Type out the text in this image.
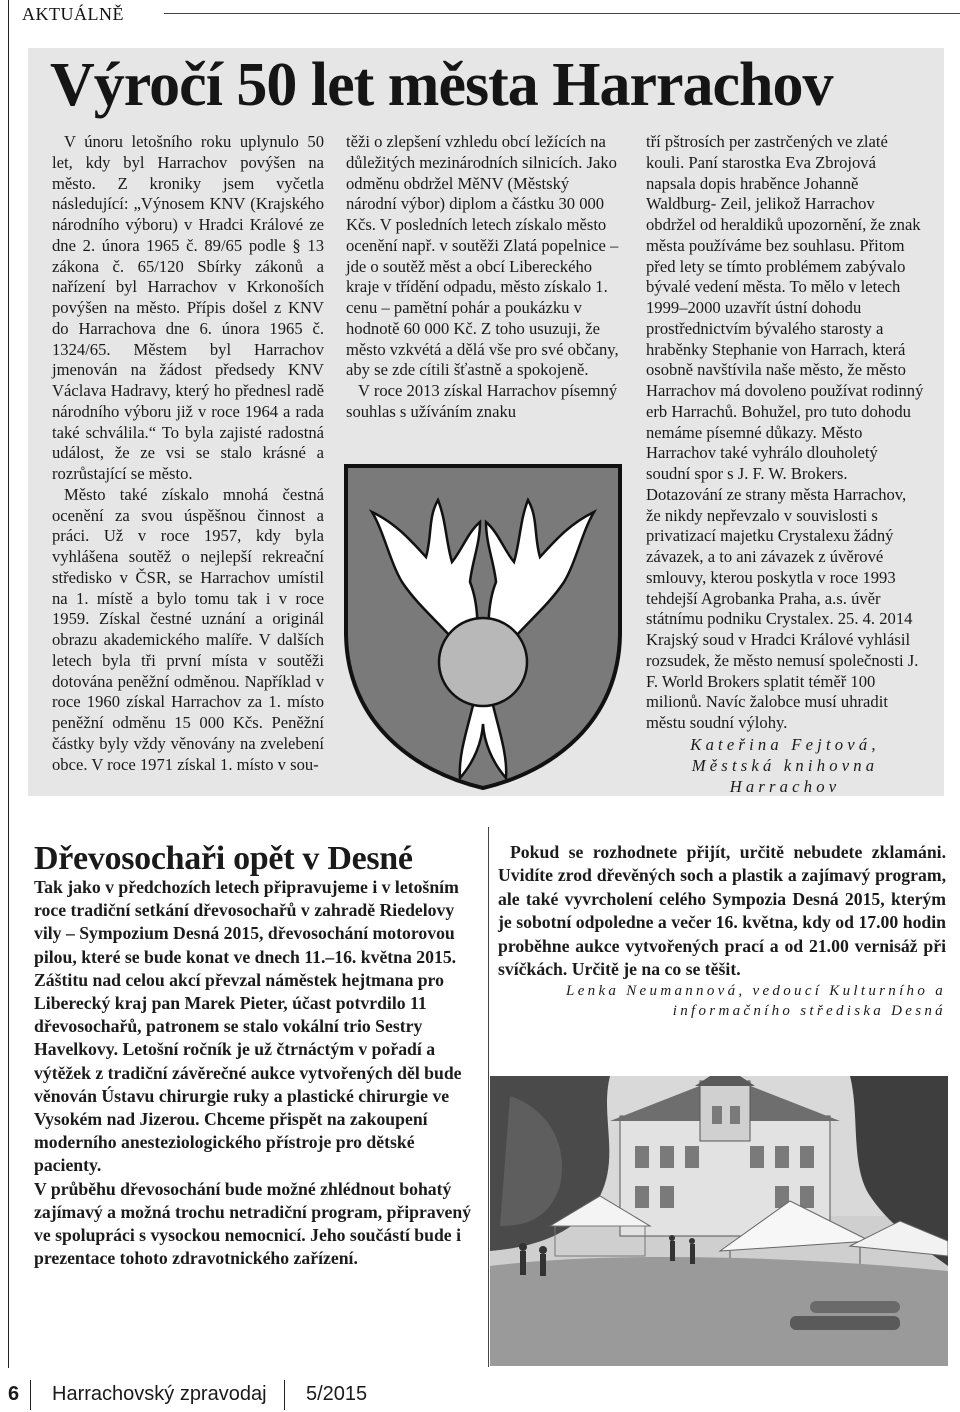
AKTUÁLNĚ
Výročí 50 let města Harrachov

V únoru letošního roku uplynulo 50 let, kdy byl Harrachov povýšen na město. Z kroniky jsem vyčetla následující: „Výnosem KNV (Krajského národního výboru) v Hradci Králové ze dne 2. února 1965 č. 89/65 podle § 13 zákona č. 65/120 Sbírky zákonů a nařízení byl Harrachov v Krkonoších povýšen na město. Přípis došel z KNV do Harrachova dne 6. února 1965 č. 1324/65. Městem byl Harrachov jmenován na žádost předsedy KNV Václava Hadravy, který ho přednesl radě národního výboru již v roce 1964 a rada také schválila.“ To byla zajisté radostná událost, že ze vsi se stalo krásné a rozrůstající se město.

Město také získalo mnohá čestná ocenění za svou úspěšnou činnost a práci. Už v roce 1957, kdy byla vyhlášena soutěž o nejlepší rekreační středisko v ČSR, se Harrachov umístil na 1. místě a bylo tomu tak i v roce 1959. Získal čestné uznání a originál obrazu akademického malíře. V dalších letech byla tři první místa v soutěži dotována peněžní odměnou. Například v roce 1960 získal Harrachov za 1. místo peněžní odměnu 15 000 Kčs. Peněžní částky byly vždy věnovány na zvelebení obce. V roce 1971 získal 1. místo v sou-

těži o zlepšení vzhledu obcí ležících na důležitých mezinárodních silnicích. Jako odměnu obdržel MěNV (Městský národní výbor) diplom a částku 30 000 Kčs. V posledních letech získalo město ocenění např. v soutěži Zlatá popelnice – jde o soutěž měst a obcí Libereckého kraje v třídění odpadu, město získalo 1. cenu – pamětní pohár a poukázku v hodnotě 60 000 Kč. Z toho usuzuji, že město vzkvétá a dělá vše pro své občany, aby se zde cítili šťastně a spokojeně.

V roce 2013 získal Harrachov písemný souhlas s užíváním znaku

tří pštrosích per zastrčených ve zlaté kouli. Paní starostka Eva Zbrojová napsala dopis hraběnce Johanně Waldburg- Zeil, jelikož Harrachov obdržel od heraldiků upozornění, že znak města používáme bez souhlasu. Přitom před lety se tímto problémem zabývalo bývalé vedení města. To mělo v letech 1999–2000 uzavřít ústní dohodu prostřednictvím bývalého starosty a hraběnky Stephanie von Harrach, která osobně navštívila naše město, že město Harrachov má dovoleno používat rodinný erb Harrachů. Bohužel, pro tuto dohodu nemáme písemné důkazy. Město Harrachov také vyhrálo dlouholetý soudní spor s J. F. W. Brokers. Dotazování ze strany města Harrachov, že nikdy nepřevzalo v souvislosti s privatizací majetku Crystalexu žádný závazek, a to ani závazek z úvěrové smlouvy, kterou poskytla v roce 1993 tehdejší Agrobanka Praha, a.s. úvěr státnímu podniku Crystalex. 25. 4. 2014 Krajský soud v Hradci Králové vyhlásil rozsudek, že město nemusí společnosti J. F. World Brokers splatit téměř 100 milionů. Navíc žalobce musí uhradit městu soudní výlohy.

Kateřina Fejtová, Městská knihovna Harrachov

Dřevosochaři opět v Desné

Tak jako v předchozích letech připravujeme i v letošním roce tradiční setkání dřevosochařů v zahradě Riedelovy vily – Sympozium Desná 2015, dřevosochání motorovou pilou, které se bude konat ve dnech 11.–16. května 2015. Záštitu nad celou akcí převzal náměstek hejtmana pro Liberecký kraj pan Marek Pieter, účast potvrdilo 11 dřevosochařů, patronem se stalo vokální trio Sestry Havelkovy. Letošní ročník je už čtrnáctým v pořadí a výtěžek z tradiční závěrečné aukce vytvořených děl bude věnován Ústavu chirurgie ruky a plastické chirurgie ve Vysokém nad Jizerou. Chceme přispět na zakoupení moderního anesteziologického přístroje pro dětské pacienty.

V průběhu dřevosochání bude možné zhlédnout bohatý zajímavý a možná trochu netradiční program, připravený ve spolupráci s vysockou nemocnicí. Jeho součástí bude i prezentace tohoto zdravotnického zařízení.

Pokud se rozhodnete přijít, určitě nebudete zklamáni. Uvidíte zrod dřevěných soch a plastik a zajímavý program, ale také vyvrcholení celého Sympozia Desná 2015, kterým je sobotní odpoledne a večer 16. května, kdy od 17.00 hodin proběhne aukce vytvořených prací a od 21.00 vernisáž při svíčkách. Určitě je na co se těšit.

Lenka Neumannová, vedoucí Kulturního a informačního střediska Desná

6 Harrachovský zpravodaj 5/2015
